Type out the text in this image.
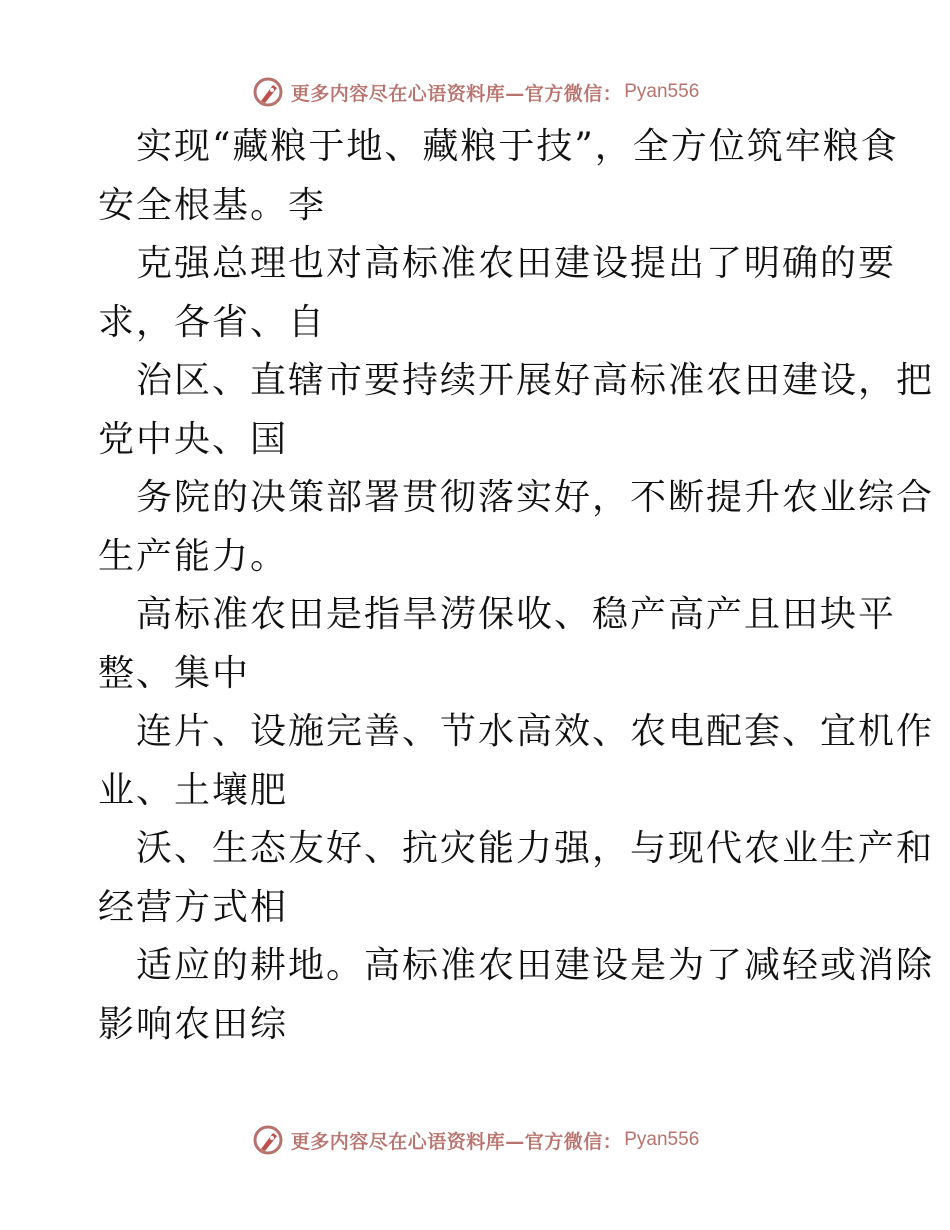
更多内容尽在心语资料库—官方微信： Pyan556
实现“藏粮于地、藏粮于技”，全方位筑牢粮食
安全根基。李
克强总理也对高标准农田建设提出了明确的要
求，各省、自
治区、直辖市要持续开展好高标准农田建设，把
党中央、国
务院的决策部署贯彻落实好，不断提升农业综合
生产能力。
高标准农田是指旱涝保收、稳产高产且田块平
整、集中
连片、设施完善、节水高效、农电配套、宜机作
业、土壤肥
沃、生态友好、抗灾能力强，与现代农业生产和
经营方式相
适应的耕地。高标准农田建设是为了减轻或消除
影响农田综
更多内容尽在心语资料库—官方微信： Pyan556
